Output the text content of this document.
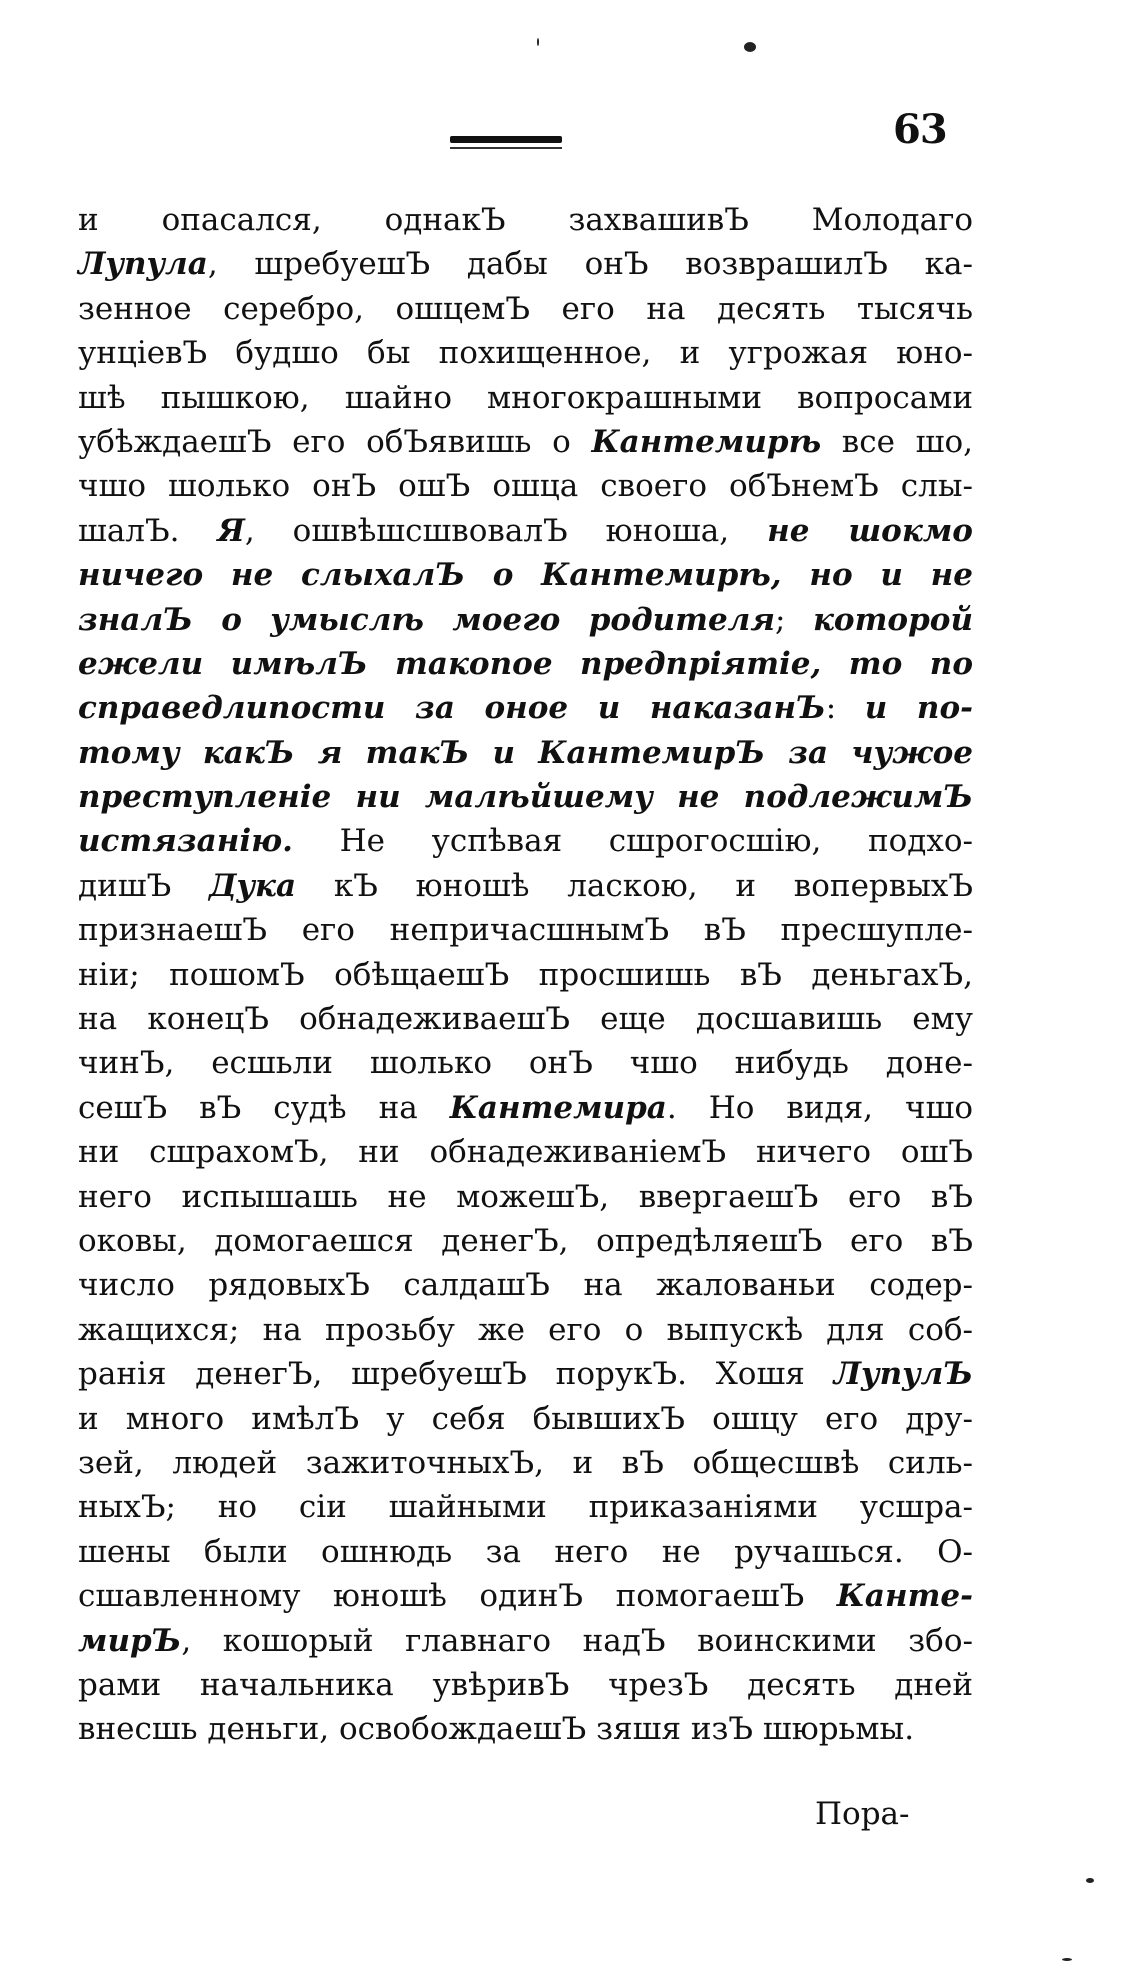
63
и опасался, однакЪ захвашивЪ Молодаго
Лупула, шребуешЪ дабы онЪ возврашилЪ ка-
зенное серебро, ошцемЪ его на десять тысячь
унціевЪ будшо бы похищенное, и угрожая юно-
шѣ пышкою, шайно многокрашными вопросами
убѣждаешЪ его обЪявишь о Кантемирѣ все шо,
чшо шолько онЪ ошЪ ошца своего обЪнемЪ слы-
шалЪ. Я, ошвѣшсшвовалЪ юноша, не шокмо
ничего не слыхалЪ о Кантемирѣ, но и не
зналЪ о умыслѣ моего родителя; которой
ежели имѣлЪ такопое предпріятіе, то по
справедлипости за оное и наказанЪ: и по-
тому какЪ я такЪ и КантемирЪ за чужое
преступленіе ни малѣйшему не подлежимЪ
истязанію. Не успѣвая сшрогосшію, подхо-
дишЪ Дука кЪ юношѣ ласкою, и вопервыхЪ
признаешЪ его непричасшнымЪ вЪ пресшупле-
ніи; пошомЪ обѣщаешЪ просшишь вЪ деньгахЪ,
на конецЪ обнадеживаешЪ еще досшавишь ему
чинЪ, есшьли шолько онЪ чшо нибудь доне-
сешЪ вЪ судѣ на Кантемира. Но видя, чшо
ни сшрахомЪ, ни обнадеживаніемЪ ничего ошЪ
него испышашь не можешЪ, ввергаешЪ его вЪ
оковы, домогаешся денегЪ, опредѣляешЪ его вЪ
число рядовыхЪ салдашЪ на жалованьи содер-
жащихся; на прозьбу же его о выпускѣ для соб-
ранія денегЪ, шребуешЪ порукЪ. Хошя ЛупулЪ
и много имѣлЪ у себя бывшихЪ ошцу его дру-
зей, людей зажиточныхЪ, и вЪ общесшвѣ силь-
ныхЪ; но сіи шайными приказаніями усшра-
шены были ошнюдь за него не ручашься. О-
сшавленному юношѣ одинЪ помогаешЪ Канте-
мирЪ, кошорый главнаго надЪ воинскими збо-
рами начальника увѣривЪ чрезЪ десять дней
внесшь деньги, освобождаешЪ зяшя изЪ шюрьмы.
Пора-
